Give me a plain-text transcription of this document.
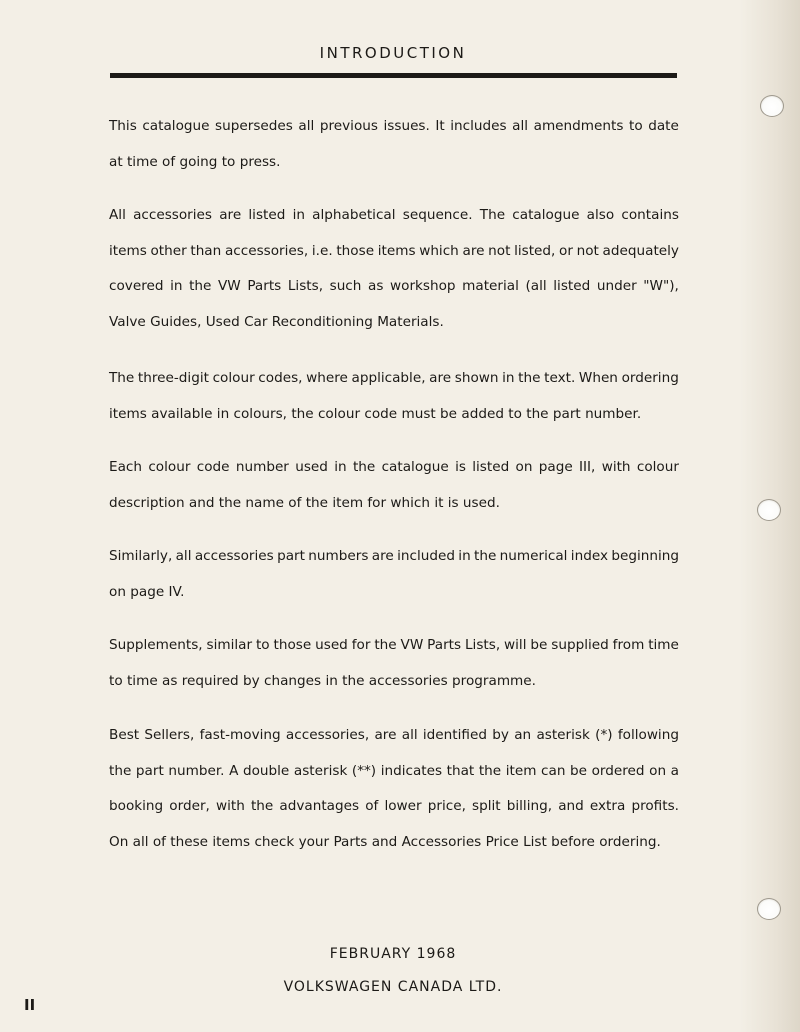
INTRODUCTION
This catalogue supersedes all previous issues. It includes all amendments to date
at time of going to press.
All accessories are listed in alphabetical sequence. The catalogue also contains
items other than accessories, i.e. those items which are not listed, or not adequately
covered in the VW Parts Lists, such as workshop material (all listed under "W"),
Valve Guides, Used Car Reconditioning Materials.
The three-digit colour codes, where applicable, are shown in the text. When ordering
items available in colours, the colour code must be added to the part number.
Each colour code number used in the catalogue is listed on page III, with colour
description and the name of the item for which it is used.
Similarly, all accessories part numbers are included in the numerical index beginning
on page IV.
Supplements, similar to those used for the VW Parts Lists, will be supplied from time
to time as required by changes in the accessories programme.
Best Sellers, fast-moving accessories, are all identified by an asterisk (*) following
the part number. A double asterisk (**) indicates that the item can be ordered on a
booking order, with the advantages of lower price, split billing, and extra profits.
On all of these items check your Parts and Accessories Price List before ordering.
FEBRUARY 1968
VOLKSWAGEN CANADA LTD.
II
